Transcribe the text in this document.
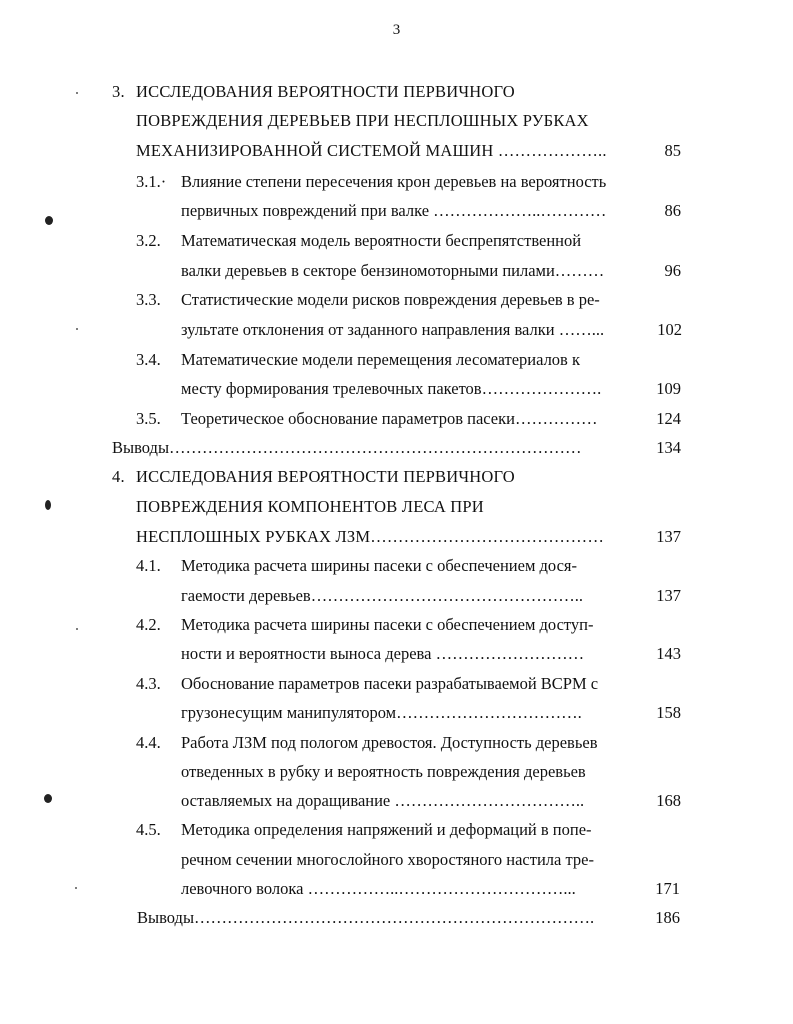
3
3. ИССЛЕДОВАНИЯ ВЕРОЯТНОСТИ ПЕРВИЧНОГО
ПОВРЕЖДЕНИЯ ДЕРЕВЬЕВ ПРИ НЕСПЛОШНЫХ РУБКАХ
МЕХАНИЗИРОВАННОЙ СИСТЕМОЙ МАШИН ………………..	85
3.1.· Влияние степени пересечения крон деревьев на вероятность
первичных повреждений при валке ………………..…………	86
3.2. Математическая модель вероятности беспрепятственной
валки деревьев в секторе бензиномоторными пилами………	96
3.3. Статистические модели рисков повреждения деревьев в ре-
зультате отклонения от заданного направления валки ……...	102
3.4. Математические модели перемещения лесоматериалов к
месту формирования трелевочных пакетов………………….	109
3.5. Теоретическое обоснование параметров пасеки……………	124
Выводы…………………………………………………………………	134
4. ИССЛЕДОВАНИЯ ВЕРОЯТНОСТИ ПЕРВИЧНОГО
ПОВРЕЖДЕНИЯ КОМПОНЕНТОВ ЛЕСА ПРИ
НЕСПЛОШНЫХ РУБКАХ ЛЗМ……………………………………	137
4.1. Методика расчета ширины пасеки с обеспечением дося-
гаемости деревьев…………………………………………..	137
4.2. Методика расчета ширины пасеки с обеспечением доступ-
ности и вероятности выноса дерева ………………………	143
4.3. Обоснование параметров пасеки разрабатываемой ВСРМ с
грузонесущим манипулятором…………………………….	158
4.4. Работа ЛЗМ под пологом древостоя. Доступность деревьев
отведенных в рубку и вероятность повреждения деревьев
оставляемых на доращивание ……………………………..	168
4.5. Методика определения напряжений и деформаций в попе-
речном сечении многослойного хворостяного настила тре-
левочного волока ……………..…………………………...	171
Выводы……………………………………………………………….	186
